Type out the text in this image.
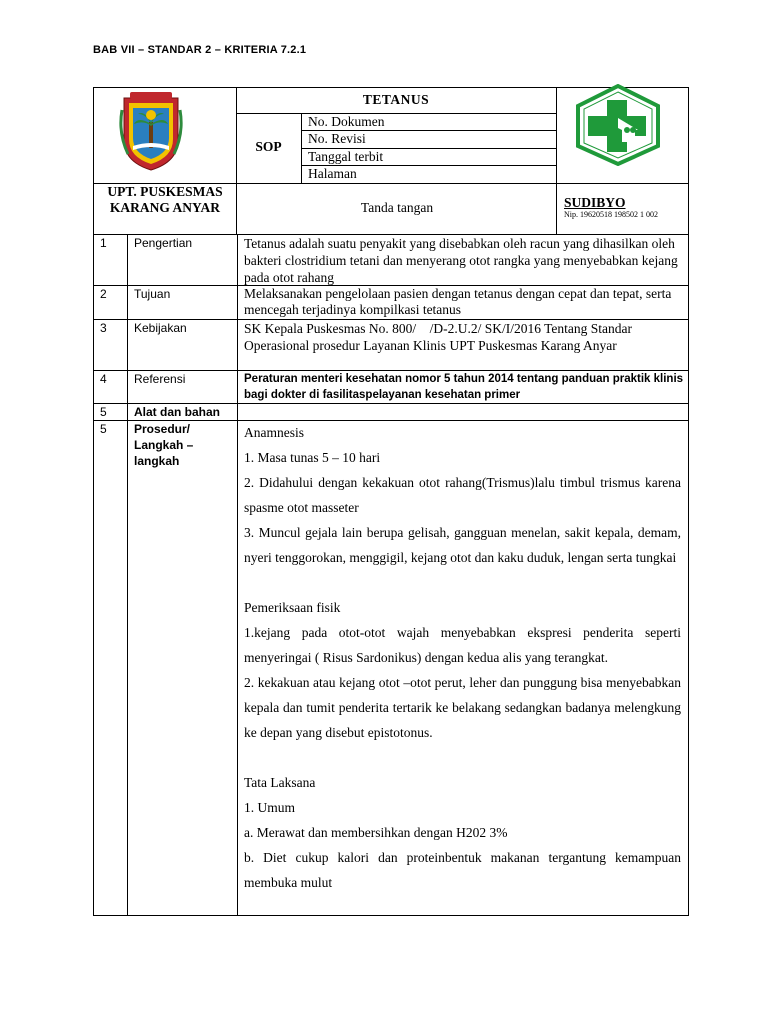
BAB VII – STANDAR 2 – KRITERIA 7.2.1
TETANUS
SOP
No. Dokumen
No. Revisi
Tanggal terbit
Halaman
UPT. PUSKESMAS KARANG ANYAR	Tanda tangan	SUDIBYO
Nip. 19620518 198502 1 002
1 Pengertian	Tetanus adalah suatu penyakit yang disebabkan oleh racun yang dihasilkan oleh bakteri clostridium tetani dan menyerang otot rangka yang menyebabkan kejang pada otot rahang
2 Tujuan	Melaksanakan pengelolaan pasien dengan tetanus dengan cepat dan tepat, serta mencegah terjadinya kompilkasi tetanus
3 Kebijakan	SK Kepala Puskesmas No. 800/    /D-2.U.2/ SK/I/2016 Tentang Standar Operasional prosedur Layanan Klinis UPT Puskesmas Karang Anyar
4 Referensi	Peraturan menteri kesehatan nomor 5 tahun 2014 tentang panduan praktik klinis bagi dokter di fasilitaspelayanan kesehatan primer
5 Alat dan bahan
5 Prosedur/ Langkah – langkah
Anamnesis
1. Masa tunas 5 – 10 hari
2. Didahului dengan kekakuan otot rahang(Trismus)lalu timbul trismus karena spasme otot masseter
3. Muncul gejala lain berupa gelisah, gangguan menelan, sakit kepala, demam, nyeri tenggorokan, menggigil, kejang otot dan kaku duduk, lengan serta tungkai
Pemeriksaan fisik
1.kejang pada otot-otot wajah menyebabkan ekspresi penderita seperti menyeringai ( Risus Sardonikus) dengan kedua alis yang terangkat.
2. kekakuan atau kejang otot –otot perut, leher dan punggung bisa menyebabkan kepala dan tumit penderita tertarik ke belakang sedangkan badanya melengkung ke depan yang disebut epistotonus.
Tata Laksana
1. Umum
a. Merawat dan membersihkan dengan H202 3%
b. Diet cukup kalori dan proteinbentuk makanan tergantung kemampuan membuka mulut
